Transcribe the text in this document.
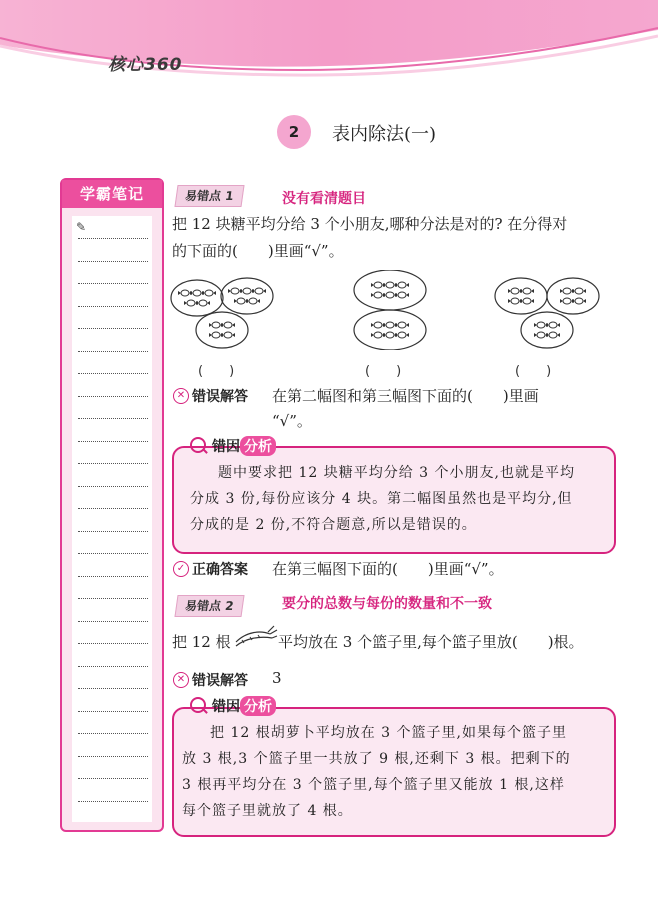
核心360
2	表内除法(一)
学霸笔记
✎
易错点 1	没有看清题目
把 12 块糖平均分给 3 个小朋友,哪种分法是对的? 在分得对
的下面的(　　)里画“√”。
(　　)	(　　)	(　　)
✕ 错误解答 在第二幅图和第三幅图下面的(　　)里画
“√”。
错因 分析
题中要求把 12 块糖平均分给 3 个小朋友,也就是平均
分成 3 份,每份应该分 4 块。第二幅图虽然也是平均分,但
分成的是 2 份,不符合题意,所以是错误的。
✓ 正确答案 在第三幅图下面的(　　)里画“√”。
易错点 2	要分的总数与每份的数量和不一致
把 12 根	平均放在 3 个篮子里,每个篮子里放(　　)根。
✕ 错误解答 3
错因 分析
把 12 根胡萝卜平均放在 3 个篮子里,如果每个篮子里
放 3 根,3 个篮子里一共放了 9 根,还剩下 3 根。把剩下的
3 根再平均分在 3 个篮子里,每个篮子里又能放 1 根,这样
每个篮子里就放了 4 根。
